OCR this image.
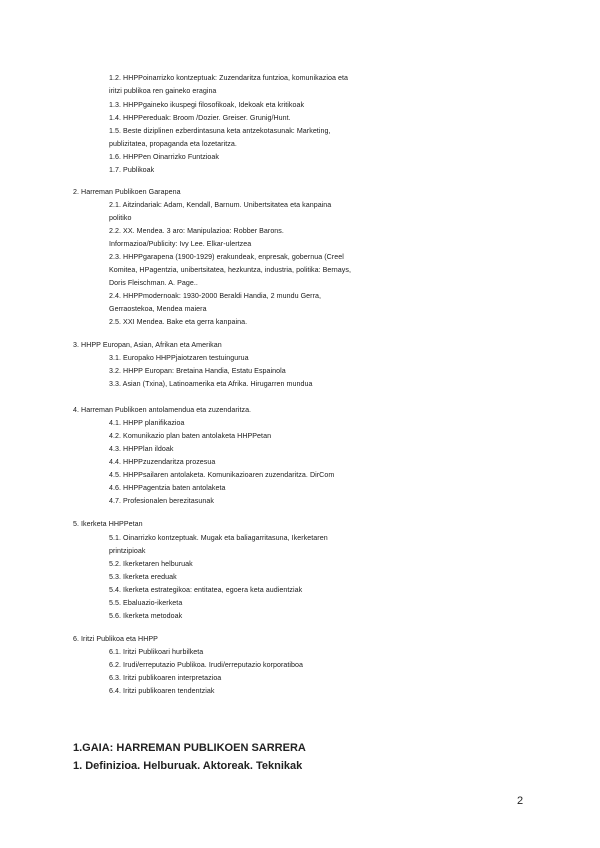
1.2. HHPPoinarrizko kontzeptuak: Zuzendaritza funtzioa, komunikazioa eta
iritzi publikoa ren gaineko eragina
1.3. HHPPgaineko ikuspegi filosofikoak, Idekoak eta kritikoak
1.4. HHPPereduak: Broom /Dozier. Greiser. Grunig/Hunt.
1.5. Beste diziplinen ezberdintasuna keta antzekotasunak: Marketing,
publizitatea, propaganda eta lozetaritza.
1.6. HHPPen Oinarrizko Funtzioak
1.7. Publikoak
2. Harreman Publikoen Garapena
2.1. Aitzindariak: Adam, Kendall, Barnum. Unibertsitatea eta kanpaina
politiko
2.2. XX. Mendea. 3 aro: Manipulazioa: Robber Barons.
Informazioa/Publicity: Ivy Lee. Elkar-ulertzea
2.3. HHPPgarapena (1900-1929) erakundeak, enpresak, gobernua (Creel
Komitea, HPagentzia, unibertsitatea, hezkuntza, industria, politika: Bernays,
Doris Fleischman. A. Page..
2.4. HHPPmodernoak: 1930-2000 Beraldi Handia, 2 mundu Gerra,
Gerraostekoa, Mendea maiera
2.5. XXI Mendea. Bake eta gerra kanpaina.
3. HHPP Europan, Asian, Afrikan eta Amerikan
3.1. Europako HHPPjaiotzaren testuingurua
3.2. HHPP Europan: Bretaina Handia, Estatu Espainola
3.3. Asian (Txina), Latinoamerika eta Afrika. Hirugarren mundua
4. Harreman Publikoen antolamendua eta zuzendaritza.
4.1. HHPP planifikazioa
4.2. Komunikazio plan baten antolaketa HHPPetan
4.3. HHPPlan ildoak
4.4. HHPPzuzendaritza prozesua
4.5. HHPPsailaren antolaketa. Komunikazioaren zuzendaritza. DirCom
4.6. HHPPagentzia baten antolaketa
4.7. Profesionalen berezitasunak
5. Ikerketa HHPPetan
5.1. Oinarrizko kontzeptuak. Mugak eta baliagarritasuna, Ikerketaren
printzipioak
5.2. Ikerketaren helburuak
5.3. Ikerketa ereduak
5.4. Ikerketa estrategikoa: entitatea, egoera keta audientziak
5.5. Ebaluazio-ikerketa
5.6. Ikerketa metodoak
6. Iritzi Publikoa eta HHPP
6.1. Iritzi Publikoari hurbilketa
6.2. Irudi/erreputazio Publikoa. Irudi/erreputazio korporatiboa
6.3. Iritzi publikoaren interpretazioa
6.4. Iritzi publikoaren tendentziak
1.GAIA: HARREMAN PUBLIKOEN SARRERA
1. Definizioa. Helburuak. Aktoreak. Teknikak
2
